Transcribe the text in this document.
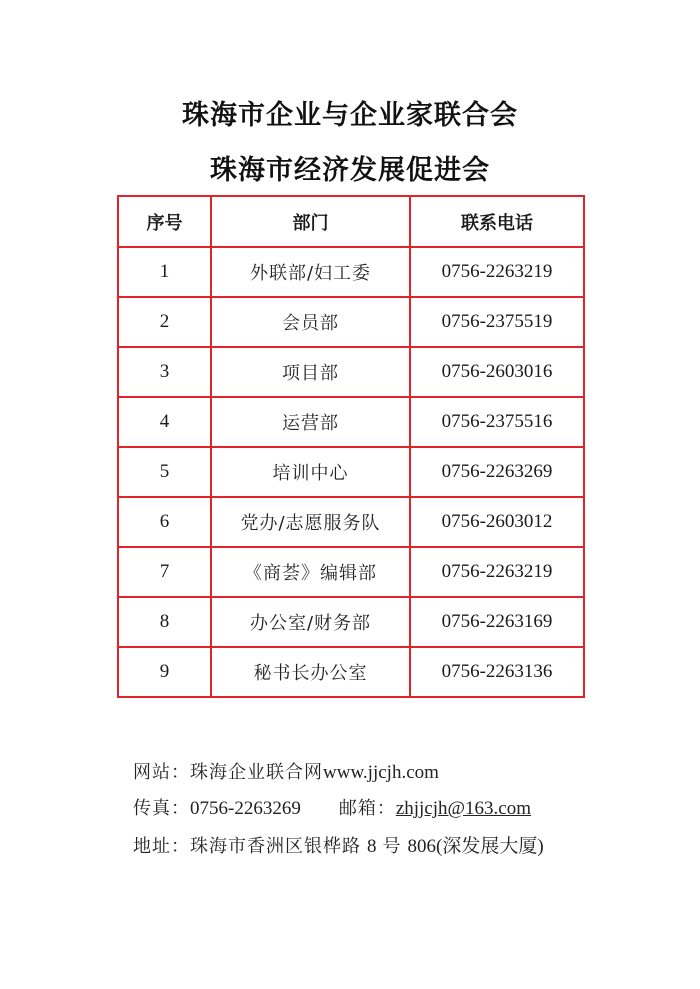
珠海市企业与企业家联合会
珠海市经济发展促进会
序号	部门	联系电话
1	外联部/妇工委	0756-2263219
2	会员部	0756-2375519
3	项目部	0756-2603016
4	运营部	0756-2375516
5	培训中心	0756-2263269
6	党办/志愿服务队	0756-2603012
7	《商荟》编辑部	0756-2263219
8	办公室/财务部	0756-2263169
9	秘书长办公室	0756-2263136
网站：珠海企业联合网www.jjcjh.com
传真：0756-2263269 邮箱：zhjjcjh@163.com
地址：珠海市香洲区银桦路 8 号 806(深发展大厦)
